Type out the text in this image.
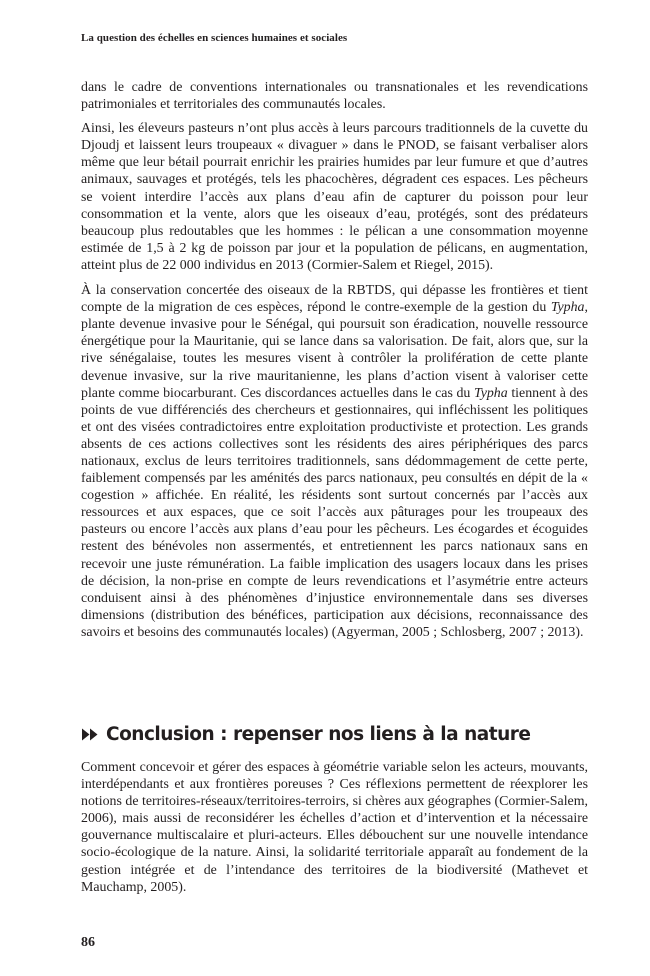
La question des échelles en sciences humaines et sociales

dans le cadre de conventions internationales ou transnationales et les revendications patrimoniales et territoriales des communautés locales.

Ainsi, les éleveurs pasteurs n’ont plus accès à leurs parcours traditionnels de la cuvette du Djoudj et laissent leurs troupeaux « divaguer » dans le PNOD, se faisant verbaliser alors même que leur bétail pourrait enrichir les prairies humides par leur fumure et que d’autres animaux, sauvages et protégés, tels les phacochères, dégradent ces espaces. Les pêcheurs se voient interdire l’accès aux plans d’eau afin de capturer du poisson pour leur consommation et la vente, alors que les oiseaux d’eau, protégés, sont des prédateurs beaucoup plus redoutables que les hommes : le pélican a une consommation moyenne estimée de 1,5 à 2 kg de poisson par jour et la population de pélicans, en augmentation, atteint plus de 22 000 individus en 2013 (Cormier-Salem et Riegel, 2015).

À la conservation concertée des oiseaux de la RBTDS, qui dépasse les frontières et tient compte de la migration de ces espèces, répond le contre-exemple de la gestion du Typha, plante devenue invasive pour le Sénégal, qui poursuit son éradication, nouvelle ressource énergétique pour la Mauritanie, qui se lance dans sa valorisation. De fait, alors que, sur la rive sénégalaise, toutes les mesures visent à contrôler la prolifération de cette plante devenue invasive, sur la rive mauritanienne, les plans d’action visent à valoriser cette plante comme biocarburant. Ces discordances actuelles dans le cas du Typha tiennent à des points de vue différenciés des chercheurs et gestionnaires, qui infléchissent les politiques et ont des visées contradictoires entre exploitation productiviste et protection. Les grands absents de ces actions collectives sont les résidents des aires périphériques des parcs nationaux, exclus de leurs territoires traditionnels, sans dédommagement de cette perte, faiblement compensés par les aménités des parcs nationaux, peu consultés en dépit de la « cogestion » affichée. En réalité, les résidents sont surtout concernés par l’accès aux ressources et aux espaces, que ce soit l’accès aux pâturages pour les troupeaux des pasteurs ou encore l’accès aux plans d’eau pour les pêcheurs. Les écogardes et écoguides restent des bénévoles non assermentés, et entretiennent les parcs nationaux sans en recevoir une juste rémunération. La faible implication des usagers locaux dans les prises de décision, la non-prise en compte de leurs revendications et l’asymétrie entre acteurs conduisent ainsi à des phénomènes d’injustice environnementale dans ses diverses dimensions (distribution des bénéfices, participation aux décisions, reconnaissance des savoirs et besoins des communautés locales) (Agyerman, 2005 ; Schlosberg, 2007 ; 2013).

Conclusion : repenser nos liens à la nature

Comment concevoir et gérer des espaces à géométrie variable selon les acteurs, mouvants, interdépendants et aux frontières poreuses ? Ces réflexions permettent de réexplorer les notions de territoires-réseaux/territoires-terroirs, si chères aux géographes (Cormier-Salem, 2006), mais aussi de reconsidérer les échelles d’action et d’intervention et la nécessaire gouvernance multiscalaire et pluri-acteurs. Elles débouchent sur une nouvelle intendance socio-écologique de la nature. Ainsi, la solidarité territoriale apparaît au fondement de la gestion intégrée et de l’intendance des territoires de la biodiversité (Mathevet et Mauchamp, 2005).

86
